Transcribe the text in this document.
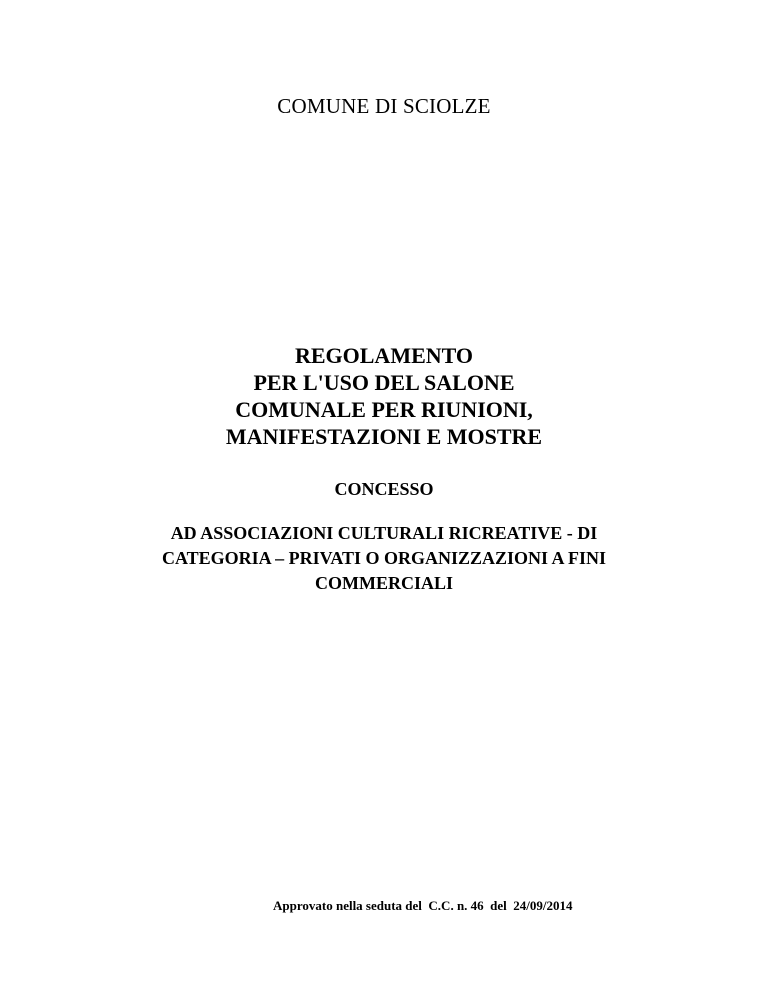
COMUNE DI SCIOLZE
REGOLAMENTO
PER L'USO DEL SALONE
COMUNALE PER RIUNIONI,
MANIFESTAZIONI E MOSTRE
CONCESSO
AD ASSOCIAZIONI CULTURALI RICREATIVE - DI
CATEGORIA – PRIVATI O ORGANIZZAZIONI A FINI
COMMERCIALI
Approvato nella seduta del  C.C. n. 46  del  24/09/2014
